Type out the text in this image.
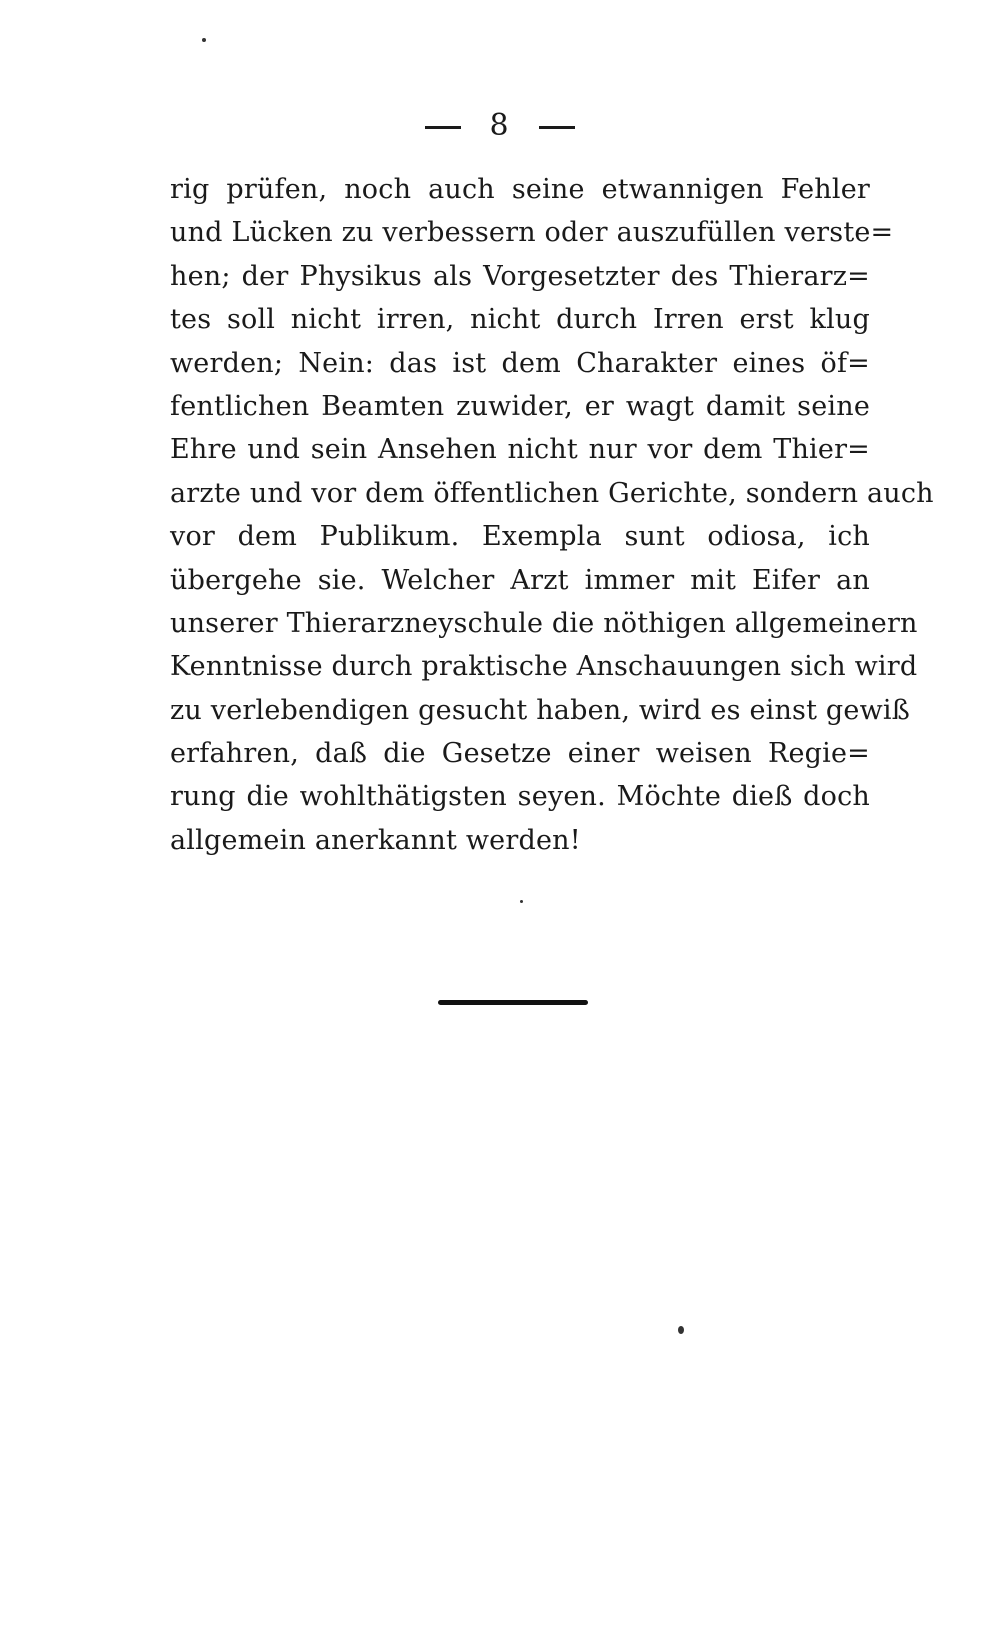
8
rig prüfen, noch auch seine etwannigen Fehler
und Lücken zu verbessern oder auszufüllen verste=
hen; der Physikus als Vorgesetzter des Thierarz=
tes soll nicht irren, nicht durch Irren erst klug
werden; Nein: das ist dem Charakter eines öf=
fentlichen Beamten zuwider, er wagt damit seine
Ehre und sein Ansehen nicht nur vor dem Thier=
arzte und vor dem öffentlichen Gerichte, sondern auch
vor dem Publikum. Exempla sunt odiosa, ich
übergehe sie. Welcher Arzt immer mit Eifer an
unserer Thierarzneyschule die nöthigen allgemeinern
Kenntnisse durch praktische Anschauungen sich wird
zu verlebendigen gesucht haben, wird es einst gewiß
erfahren, daß die Gesetze einer weisen Regie=
rung die wohlthätigsten seyen. Möchte dieß doch
allgemein anerkannt werden!
